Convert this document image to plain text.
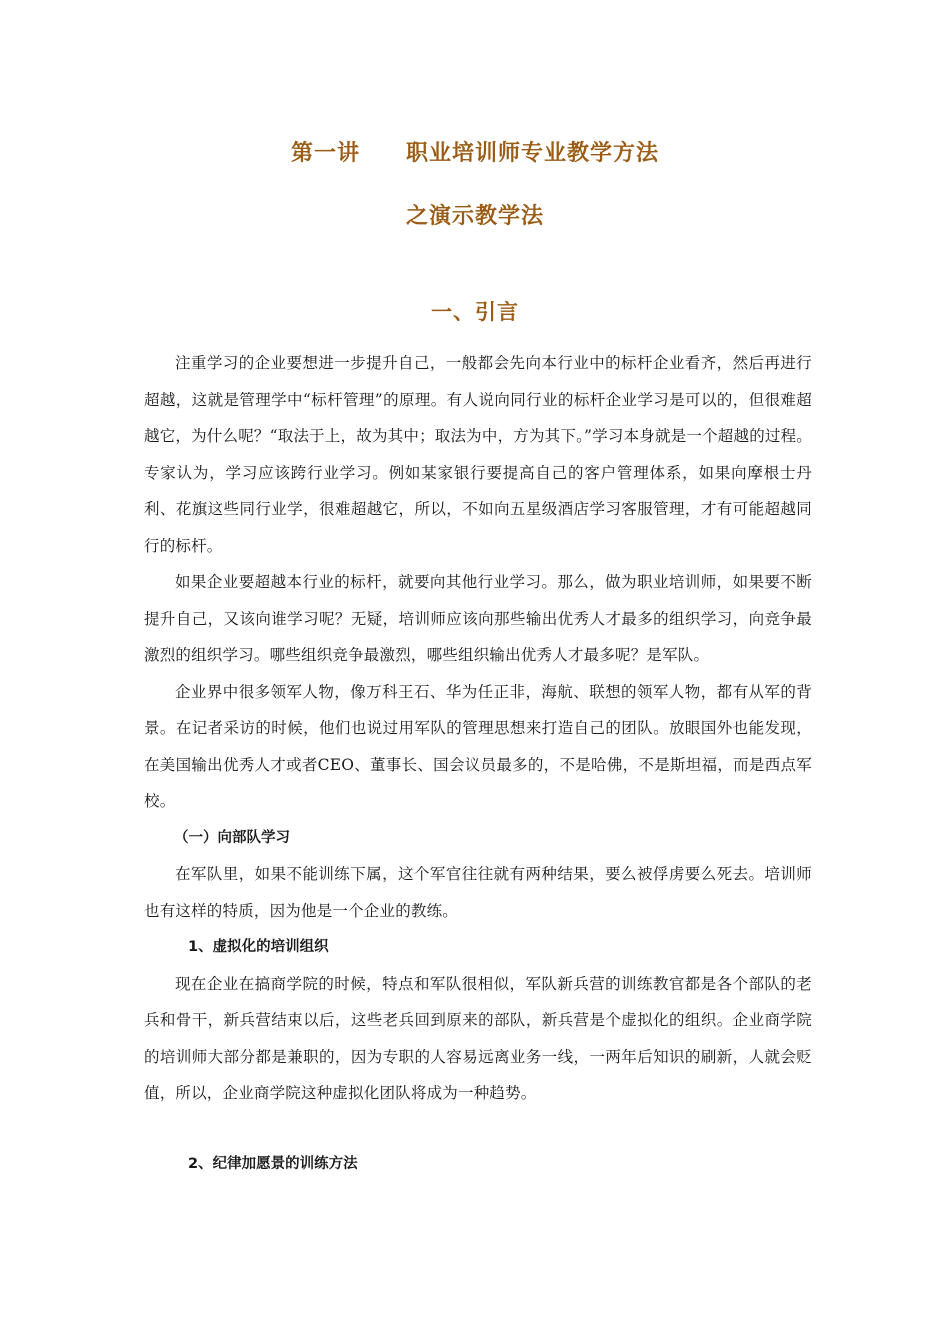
第一讲　　职业培训师专业教学方法
之演示教学法
一、引言

注重学习的企业要想进一步提升自己，一般都会先向本行业中的标杆企业看齐，然后再进行超越，这就是管理学中“标杆管理”的原理。有人说向同行业的标杆企业学习是可以的，但很难超越它，为什么呢？“取法于上，故为其中；取法为中，方为其下。”学习本身就是一个超越的过程。专家认为，学习应该跨行业学习。例如某家银行要提高自己的客户管理体系，如果向摩根士丹利、花旗这些同行业学，很难超越它，所以，不如向五星级酒店学习客服管理，才有可能超越同行的标杆。

如果企业要超越本行业的标杆，就要向其他行业学习。那么，做为职业培训师，如果要不断提升自己，又该向谁学习呢？无疑，培训师应该向那些输出优秀人才最多的组织学习，向竞争最激烈的组织学习。哪些组织竞争最激烈，哪些组织输出优秀人才最多呢？是军队。

企业界中很多领军人物，像万科王石、华为任正非，海航、联想的领军人物，都有从军的背景。在记者采访的时候，他们也说过用军队的管理思想来打造自己的团队。放眼国外也能发现，在美国输出优秀人才或者CEO、董事长、国会议员最多的，不是哈佛，不是斯坦福，而是西点军校。

（一）向部队学习

在军队里，如果不能训练下属，这个军官往往就有两种结果，要么被俘虏要么死去。培训师也有这样的特质，因为他是一个企业的教练。

1、虚拟化的培训组织

现在企业在搞商学院的时候，特点和军队很相似，军队新兵营的训练教官都是各个部队的老兵和骨干，新兵营结束以后，这些老兵回到原来的部队，新兵营是个虚拟化的组织。企业商学院的培训师大部分都是兼职的，因为专职的人容易远离业务一线，一两年后知识的刷新，人就会贬值，所以，企业商学院这种虚拟化团队将成为一种趋势。

2、纪律加愿景的训练方法
